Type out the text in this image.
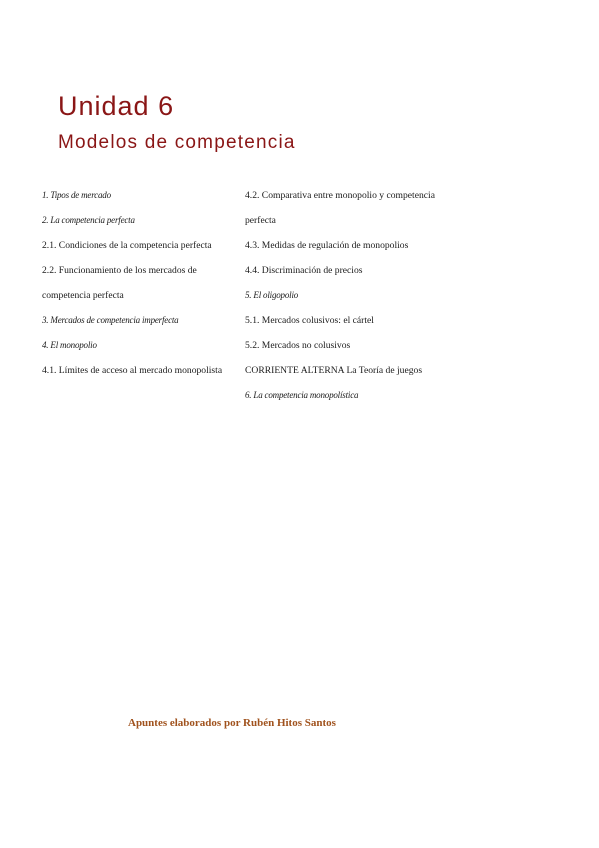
Unidad 6
Modelos de competencia
1. Tipos de mercado
2. La competencia perfecta
2.1. Condiciones de la competencia perfecta
2.2. Funcionamiento de los mercados de
competencia perfecta
3. Mercados de competencia imperfecta
4. El monopolio
4.1. Límites de acceso al mercado monopolista
4.2. Comparativa entre monopolio y competencia
perfecta
4.3. Medidas de regulación de monopolios
4.4. Discriminación de precios
5. El oligopolio
5.1. Mercados colusivos: el cártel
5.2. Mercados no colusivos
CORRIENTE ALTERNA La Teoría de juegos
6. La competencia monopolística

Apuntes elaborados por Rubén Hitos Santos
